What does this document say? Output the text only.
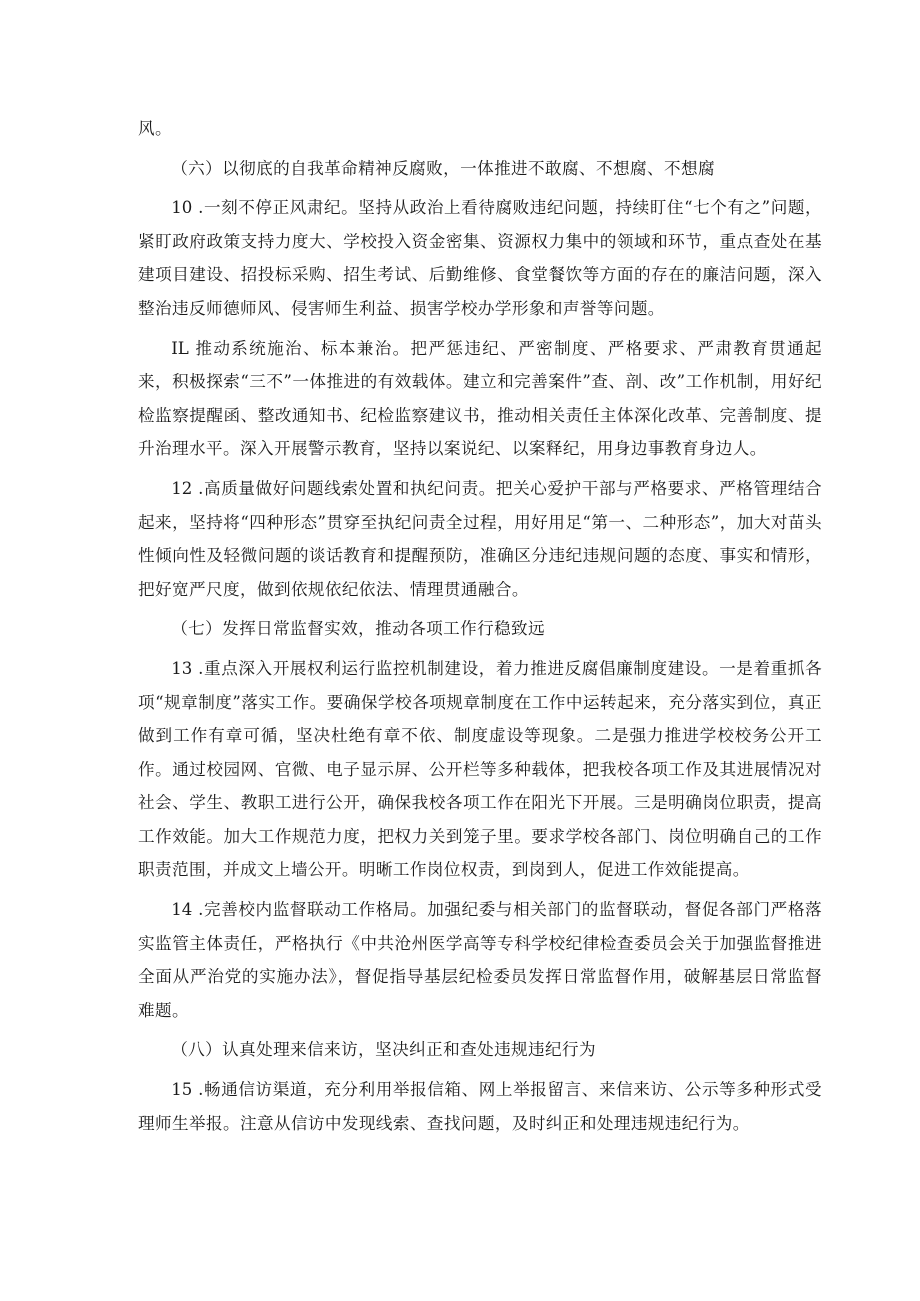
风。

（六）以彻底的自我革命精神反腐败，一体推进不敢腐、不想腐、不想腐

10 .一刻不停正风肃纪。坚持从政治上看待腐败违纪问题，持续盯住“七个有之”问题，紧盯政府政策支持力度大、学校投入资金密集、资源权力集中的领域和环节，重点查处在基建项目建设、招投标采购、招生考试、后勤维修、食堂餐饮等方面的存在的廉洁问题，深入整治违反师德师风、侵害师生利益、损害学校办学形象和声誉等问题。

IL 推动系统施治、标本兼治。把严惩违纪、严密制度、严格要求、严肃教育贯通起来，积极探索“三不”一体推进的有效载体。建立和完善案件”查、剖、改”工作机制，用好纪检监察提醒函、整改通知书、纪检监察建议书，推动相关责任主体深化改革、完善制度、提升治理水平。深入开展警示教育，坚持以案说纪、以案释纪，用身边事教育身边人。

12 .高质量做好问题线索处置和执纪问责。把关心爱护干部与严格要求、严格管理结合起来，坚持将“四种形态”贯穿至执纪问责全过程，用好用足“第一、二种形态”，加大对苗头性倾向性及轻微问题的谈话教育和提醒预防，准确区分违纪违规问题的态度、事实和情形，把好宽严尺度，做到依规依纪依法、情理贯通融合。

（七）发挥日常监督实效，推动各项工作行稳致远

13 .重点深入开展权利运行监控机制建设，着力推进反腐倡廉制度建设。一是着重抓各项“规章制度”落实工作。要确保学校各项规章制度在工作中运转起来，充分落实到位，真正做到工作有章可循，坚决杜绝有章不依、制度虚设等现象。二是强力推进学校校务公开工作。通过校园网、官微、电子显示屏、公开栏等多种载体，把我校各项工作及其进展情况对社会、学生、教职工进行公开，确保我校各项工作在阳光下开展。三是明确岗位职责，提高工作效能。加大工作规范力度，把权力关到笼子里。要求学校各部门、岗位明确自己的工作职责范围，并成文上墙公开。明晰工作岗位权责，到岗到人，促进工作效能提高。

14 .完善校内监督联动工作格局。加强纪委与相关部门的监督联动，督促各部门严格落实监管主体责任，严格执行《中共沧州医学高等专科学校纪律检查委员会关于加强监督推进全面从严治党的实施办法》，督促指导基层纪检委员发挥日常监督作用，破解基层日常监督难题。

（八）认真处理来信来访，坚决纠正和查处违规违纪行为

15 .畅通信访渠道，充分利用举报信箱、网上举报留言、来信来访、公示等多种形式受理师生举报。注意从信访中发现线索、查找问题，及时纠正和处理违规违纪行为。
